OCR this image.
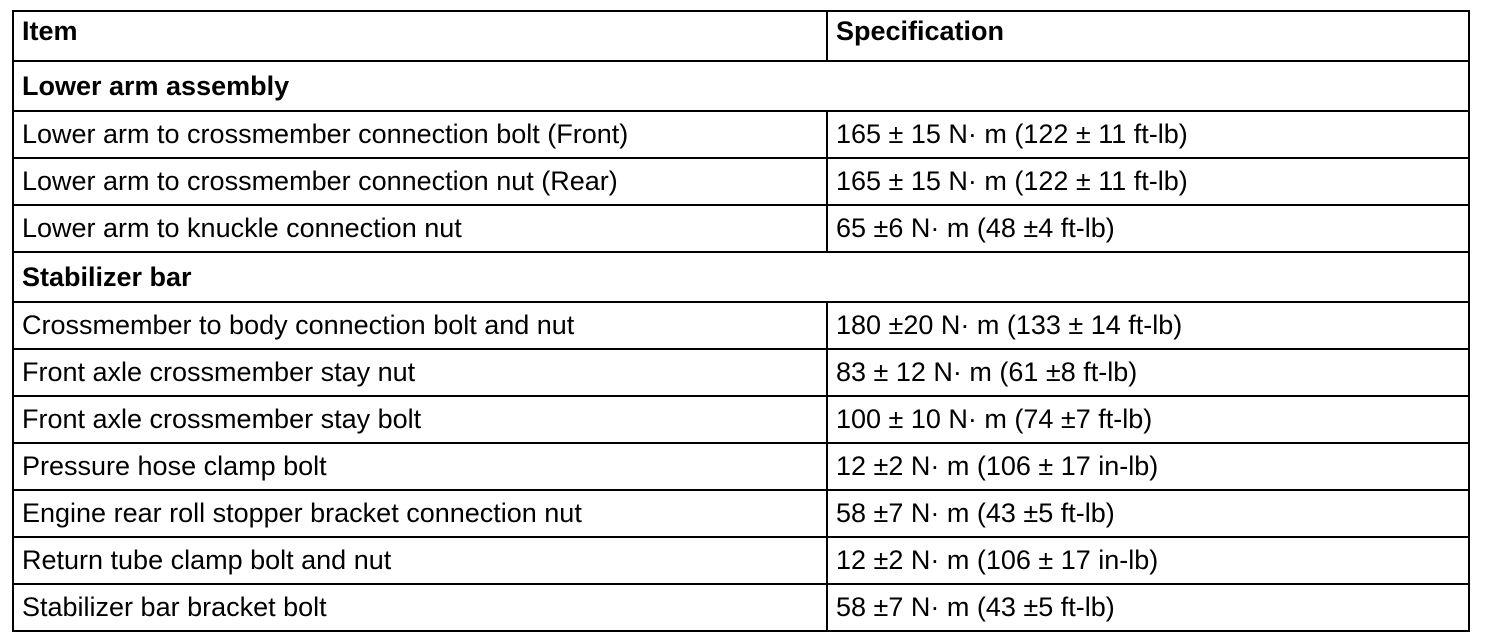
Item	Specification
Lower arm assembly	
Lower arm to crossmember connection bolt (Front)	165 ± 15 N· m (122 ± 11 ft-lb)
Lower arm to crossmember connection nut (Rear)	165 ± 15 N· m (122 ± 11 ft-lb)
Lower arm to knuckle connection nut	65 ±6 N· m (48 ±4 ft-lb)
Stabilizer bar	
Crossmember to body connection bolt and nut	180 ±20 N· m (133 ± 14 ft-lb)
Front axle crossmember stay nut	83 ± 12 N· m (61 ±8 ft-lb)
Front axle crossmember stay bolt	100 ± 10 N· m (74 ±7 ft-lb)
Pressure hose clamp bolt	12 ±2 N· m (106 ± 17 in-lb)
Engine rear roll stopper bracket connection nut	58 ±7 N· m (43 ±5 ft-lb)
Return tube clamp bolt and nut	12 ±2 N· m (106 ± 17 in-lb)
Stabilizer bar bracket bolt	58 ±7 N· m (43 ±5 ft-lb)
